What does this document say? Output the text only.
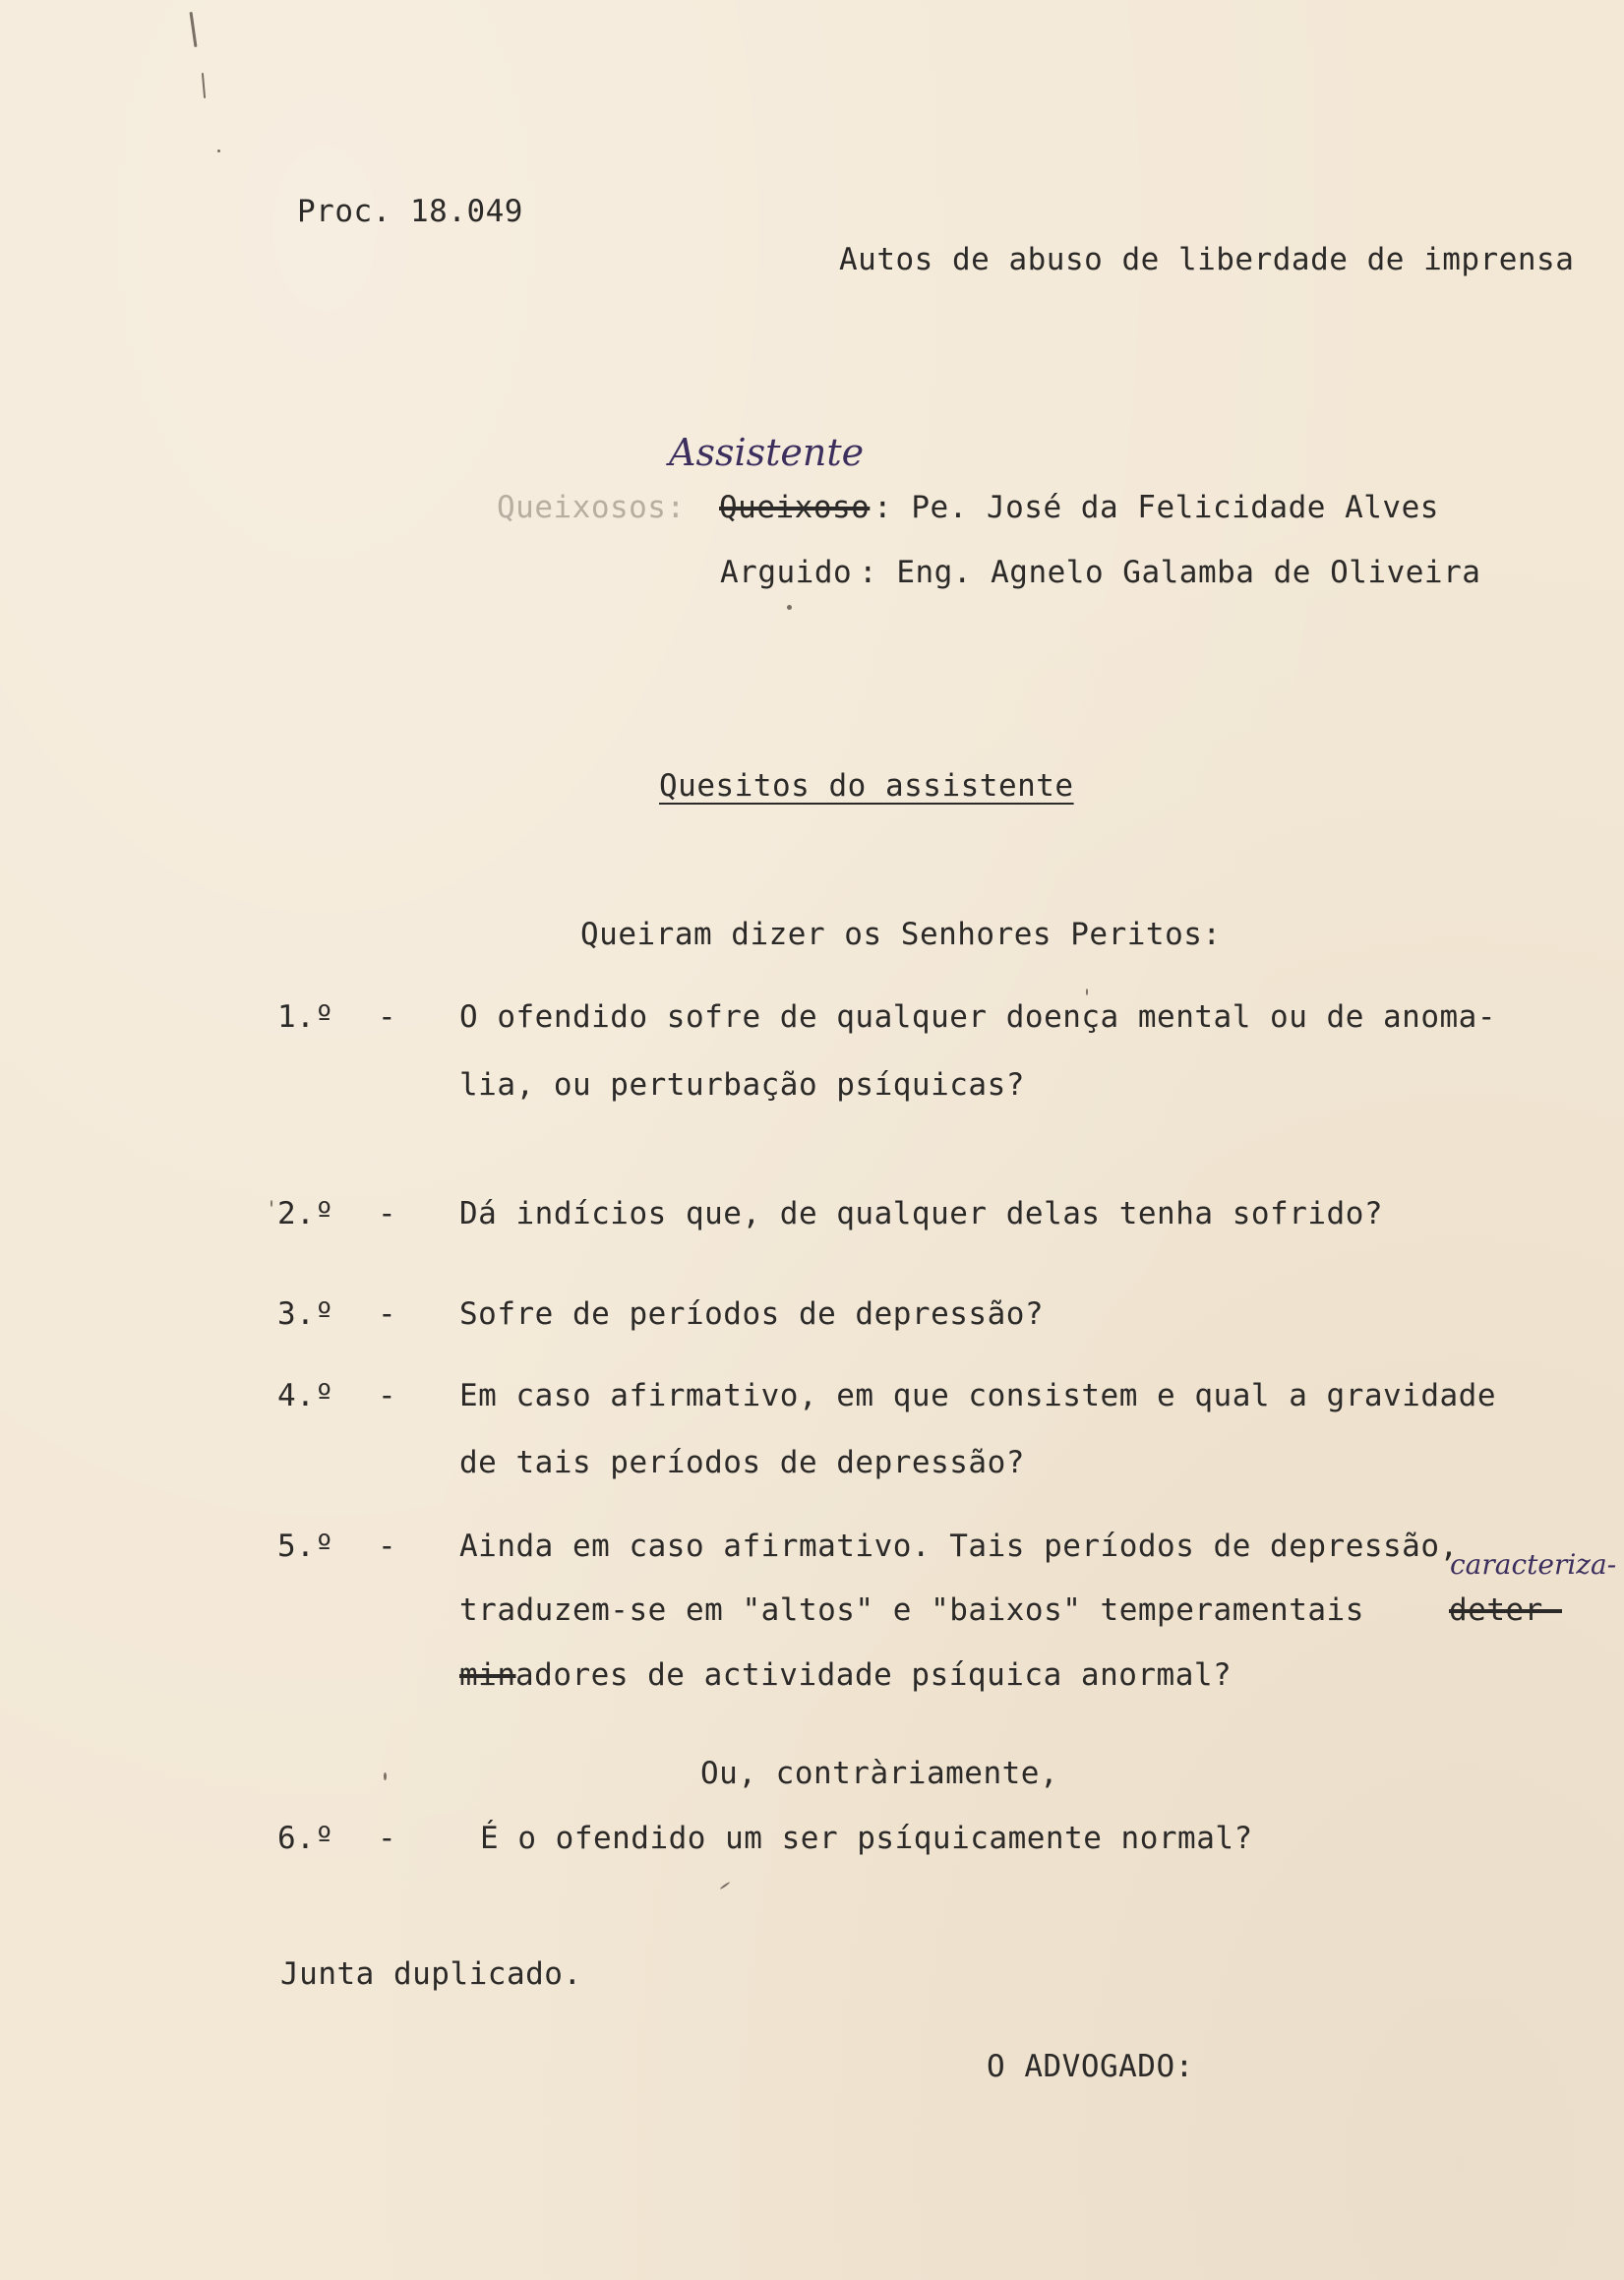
Proc. 18.049
Autos de abuso de liberdade de imprensa
Queixosos: Queixoso
Assistente
: Pe. José da Felicidade Alves
Arguido : Eng. Agnelo Galamba de Oliveira
Quesitos do assistente
Queiram dizer os Senhores Peritos:
1.º - O ofendido sofre de qualquer doença mental ou de anoma-
lia, ou perturbação psíquicas?
2.º - Dá indícios que, de qualquer delas tenha sofrido?
3.º - Sofre de períodos de depressão?
4.º - Em caso afirmativo, em que consistem e qual a gravidade
de tais períodos de depressão?
5.º - Ainda em caso afirmativo. Tais períodos de depressão,
traduzem-se em "altos" e "baixos" temperamentais deter-
caracteriza-
min adores de actividade psíquica anormal?
Ou, contràriamente,
6.º -	É o ofendido um ser psíquicamente normal?
Junta duplicado.
O ADVOGADO:
